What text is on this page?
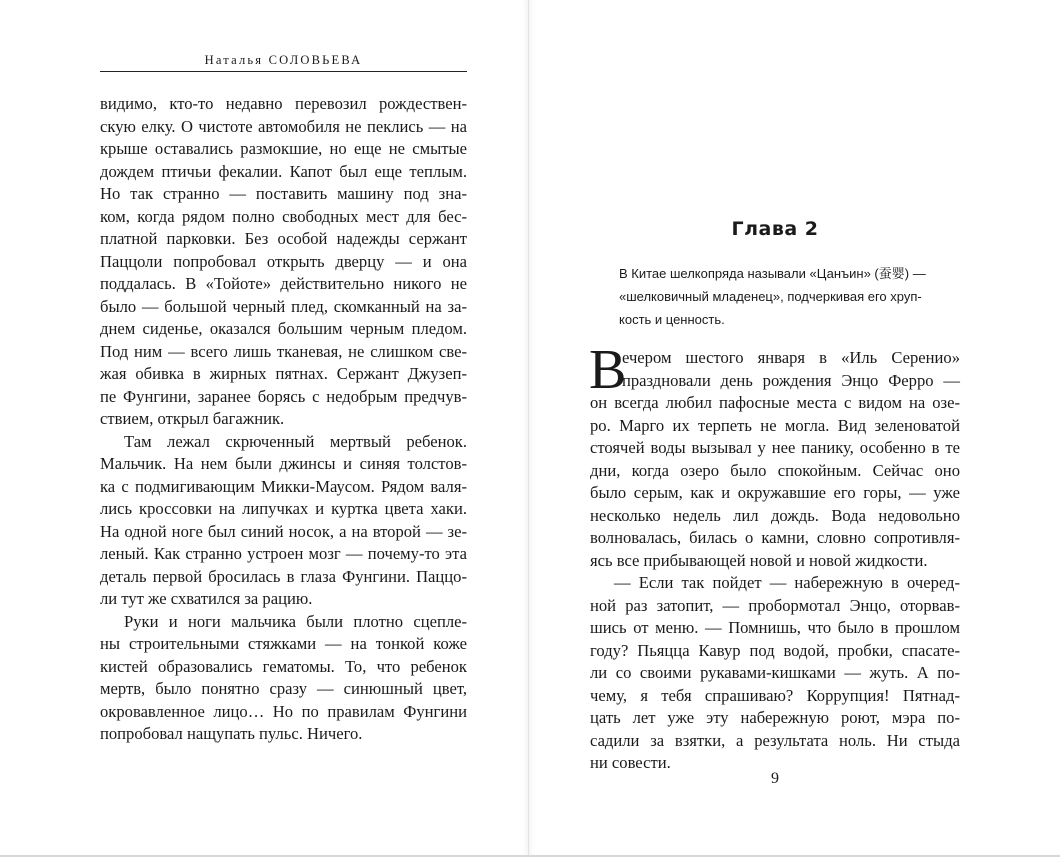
Наталья СОЛОВЬЕВА
видимо, кто-то недавно перевозил рождествен-
скую елку. О чистоте автомобиля не пеклись — на
крыше оставались размокшие, но еще не смытые
дождем птичьи фекалии. Капот был еще теплым.
Но так странно — поставить машину под зна-
ком, когда рядом полно свободных мест для бес-
платной парковки. Без особой надежды сержант
Паццоли попробовал открыть дверцу — и она
поддалась. В «Тойоте» действительно никого не
было — большой черный плед, скомканный на за-
днем сиденье, оказался большим черным пледом.
Под ним — всего лишь тканевая, не слишком све-
жая обивка в жирных пятнах. Сержант Джузеп-
пе Фунгини, заранее борясь с недобрым предчув-
ствием, открыл багажник.
Там лежал скрюченный мертвый ребенок.
Мальчик. На нем были джинсы и синяя толстов-
ка с подмигивающим Микки-Маусом. Рядом валя-
лись кроссовки на липучках и куртка цвета хаки.
На одной ноге был синий носок, а на второй — зе-
леный. Как странно устроен мозг — почему-то эта
деталь первой бросилась в глаза Фунгини. Паццо-
ли тут же схватился за рацию.
Руки и ноги мальчика были плотно сцепле-
ны строительными стяжками — на тонкой коже
кистей образовались гематомы. То, что ребенок
мертв, было понятно сразу — синюшный цвет,
окровавленное лицо… Но по правилам Фунгини
попробовал нащупать пульс. Ничего.
Глава 2
В Китае шелкопряда называли «Цанъин» (蚕婴) —
«шелковичный младенец», подчеркивая его хруп-
кость и ценность.
В
ечером шестого января в «Иль Серенио»
праздновали день рождения Энцо Ферро —
он всегда любил пафосные места с видом на озе-
ро. Марго их терпеть не могла. Вид зеленоватой
стоячей воды вызывал у нее панику, особенно в те
дни, когда озеро было спокойным. Сейчас оно
было серым, как и окружавшие его горы, — уже
несколько недель лил дождь. Вода недовольно
волновалась, билась о камни, словно сопротивля-
ясь все прибывающей новой и новой жидкости.
— Если так пойдет — набережную в очеред-
ной раз затопит, — пробормотал Энцо, оторвав-
шись от меню. — Помнишь, что было в прошлом
году? Пьяцца Кавур под водой, пробки, спасате-
ли со своими рукавами-кишками — жуть. А по-
чему, я тебя спрашиваю? Коррупция! Пятнад-
цать лет уже эту набережную роют, мэра по-
садили за взятки, а результата ноль. Ни стыда
ни совести.
9
